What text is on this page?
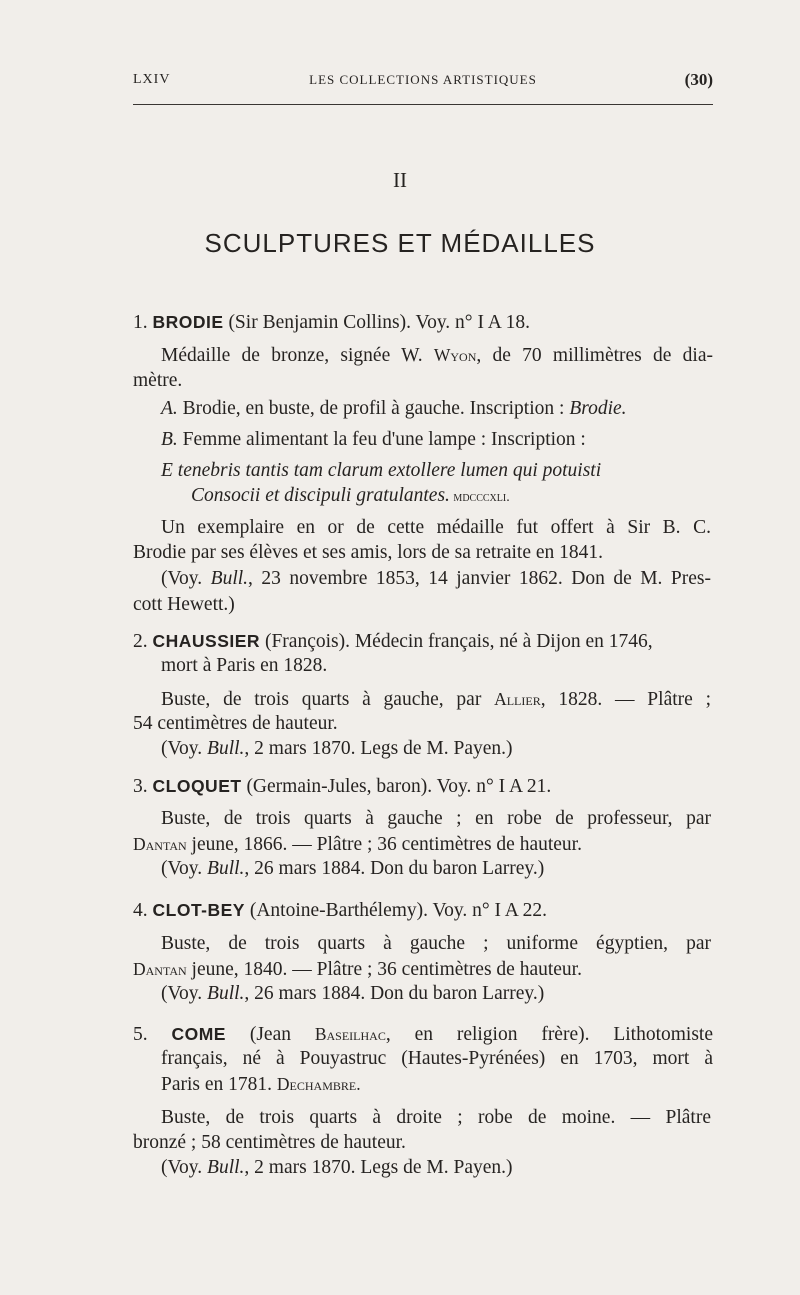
LXIV	LES COLLECTIONS ARTISTIQUES	(30)
II
SCULPTURES ET MÉDAILLES
1. BRODIE (Sir Benjamin Collins). Voy. n° I A 18.
Médaille de bronze, signée W. Wyon, de 70 millimètres de dia-
mètre.
A. Brodie, en buste, de profil à gauche. Inscription : Brodie.
B. Femme alimentant la feu d'une lampe : Inscription :
E tenebris tantis tam clarum extollere lumen qui potuisti
Consocii et discipuli gratulantes. mdcccxli.
Un exemplaire en or de cette médaille fut offert à Sir B. C.
Brodie par ses élèves et ses amis, lors de sa retraite en 1841.
(Voy. Bull., 23 novembre 1853, 14 janvier 1862. Don de M. Pres-
cott Hewett.)
2. CHAUSSIER (François). Médecin français, né à Dijon en 1746,
mort à Paris en 1828.
Buste, de trois quarts à gauche, par Allier, 1828. — Plâtre ;
54 centimètres de hauteur.
(Voy. Bull., 2 mars 1870. Legs de M. Payen.)
3. CLOQUET (Germain-Jules, baron). Voy. n° I A 21.
Buste, de trois quarts à gauche ; en robe de professeur, par
Dantan jeune, 1866. — Plâtre ; 36 centimètres de hauteur.
(Voy. Bull., 26 mars 1884. Don du baron Larrey.)
4. CLOT-BEY (Antoine-Barthélemy). Voy. n° I A 22.
Buste, de trois quarts à gauche ; uniforme égyptien, par
Dantan jeune, 1840. — Plâtre ; 36 centimètres de hauteur.
(Voy. Bull., 26 mars 1884. Don du baron Larrey.)
5. COME (Jean Baseilhac, en religion frère). Lithotomiste
français, né à Pouyastruc (Hautes-Pyrénées) en 1703, mort à
Paris en 1781. Dechambre.
Buste, de trois quarts à droite ; robe de moine. — Plâtre
bronzé ; 58 centimètres de hauteur.
(Voy. Bull., 2 mars 1870. Legs de M. Payen.)
